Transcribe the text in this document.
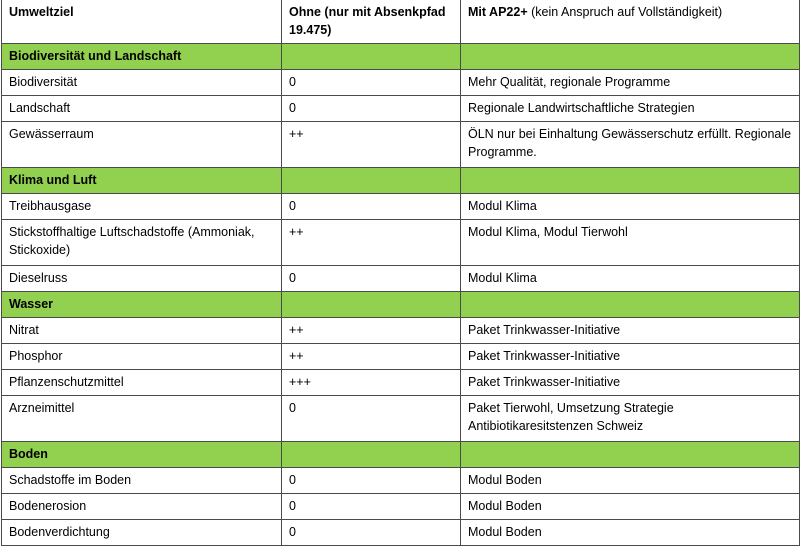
Umweltziel	Ohne (nur mit Absenkpfad 19.475)	Mit AP22+ (kein Anspruch auf Vollständigkeit)
Biodiversität und Landschaft		
Biodiversität	0	Mehr Qualität, regionale Programme
Landschaft	0	Regionale Landwirtschaftliche Strategien
Gewässerraum	++	ÖLN nur bei Einhaltung Gewässerschutz erfüllt. Regionale Programme.
Klima und Luft		
Treibhausgase	0	Modul Klima
Stickstoffhaltige Luftschadstoffe (Ammoniak, Stickoxide)	++	Modul Klima, Modul Tierwohl
Dieselruss	0	Modul Klima
Wasser		
Nitrat	++	Paket Trinkwasser-Initiative
Phosphor	++	Paket Trinkwasser-Initiative
Pflanzenschutzmittel	+++	Paket Trinkwasser-Initiative
Arzneimittel	0	Paket Tierwohl, Umsetzung Strategie Antibiotikaresitstenzen Schweiz
Boden		
Schadstoffe im Boden	0	Modul Boden
Bodenerosion	0	Modul Boden
Bodenverdichtung	0	Modul Boden
